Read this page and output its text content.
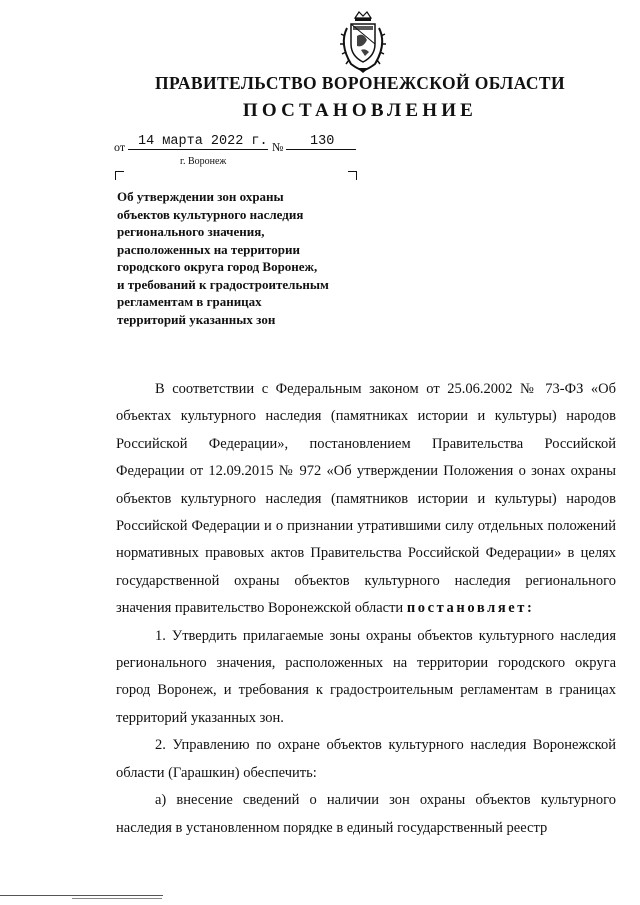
ПРАВИТЕЛЬСТВО ВОРОНЕЖСКОЙ ОБЛАСТИ
ПОСТАНОВЛЕНИЕ
от 14 марта 2022 г. № 130
г. Воронеж
Об утверждении зон охраны
объектов культурного наследия
регионального значения,
расположенных на территории
городского округа город Воронеж,
и требований к градостроительным
регламентам в границах
территорий указанных зон

В соответствии с Федеральным законом от 25.06.2002 № 73-ФЗ «Об объектах культурного наследия (памятниках истории и культуры) народов Российской Федерации», постановлением Правительства Российской Федерации от 12.09.2015 № 972 «Об утверждении Положения о зонах охраны объектов культурного наследия (памятников истории и культуры) народов Российской Федерации и о признании утратившими силу отдельных положений нормативных правовых актов Правительства Российской Федерации» в целях государственной охраны объектов культурного наследия регионального значения правительство Воронежской области постановляет:

1. Утвердить прилагаемые зоны охраны объектов культурного наследия регионального значения, расположенных на территории городского округа город Воронеж, и требования к градостроительным регламентам в границах территорий указанных зон.

2. Управлению по охране объектов культурного наследия Воронежской области (Гарашкин) обеспечить:

а) внесение сведений о наличии зон охраны объектов культурного наследия в установленном порядке в единый государственный реестр
